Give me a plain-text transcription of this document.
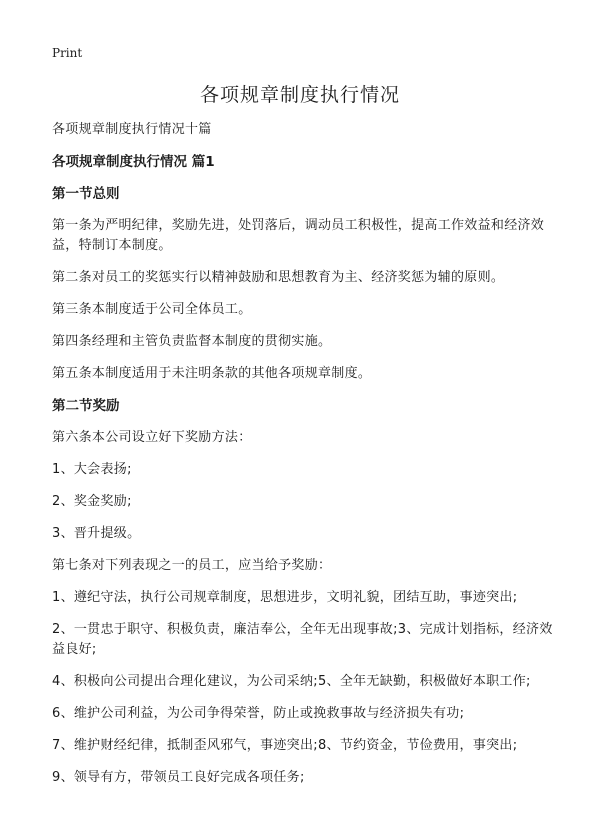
Print
各项规章制度执行情况

各项规章制度执行情况十篇

各项规章制度执行情况 篇1

第一节总则

第一条为严明纪律，奖励先进，处罚落后，调动员工积极性，提高工作效益和经济效益，特制订本制度。

第二条对员工的奖惩实行以精神鼓励和思想教育为主、经济奖惩为辅的原则。

第三条本制度适于公司全体员工。

第四条经理和主管负责监督本制度的贯彻实施。

第五条本制度适用于未注明条款的其他各项规章制度。

第二节奖励

第六条本公司设立好下奖励方法：

1、大会表扬;

2、奖金奖励;

3、晋升提级。

第七条对下列表现之一的员工，应当给予奖励：

1、遵纪守法，执行公司规章制度，思想进步，文明礼貌，团结互助，事迹突出;

2、一贯忠于职守、积极负责，廉洁奉公，全年无出现事故;3、完成计划指标，经济效益良好;

4、积极向公司提出合理化建议，为公司采纳;5、全年无缺勤，积极做好本职工作;

6、维护公司利益，为公司争得荣誉，防止或挽救事故与经济损失有功;

7、维护财经纪律，抵制歪风邪气，事迹突出;8、节约资金，节俭费用，事突出;

9、领导有方，带领员工良好完成各项任务;
